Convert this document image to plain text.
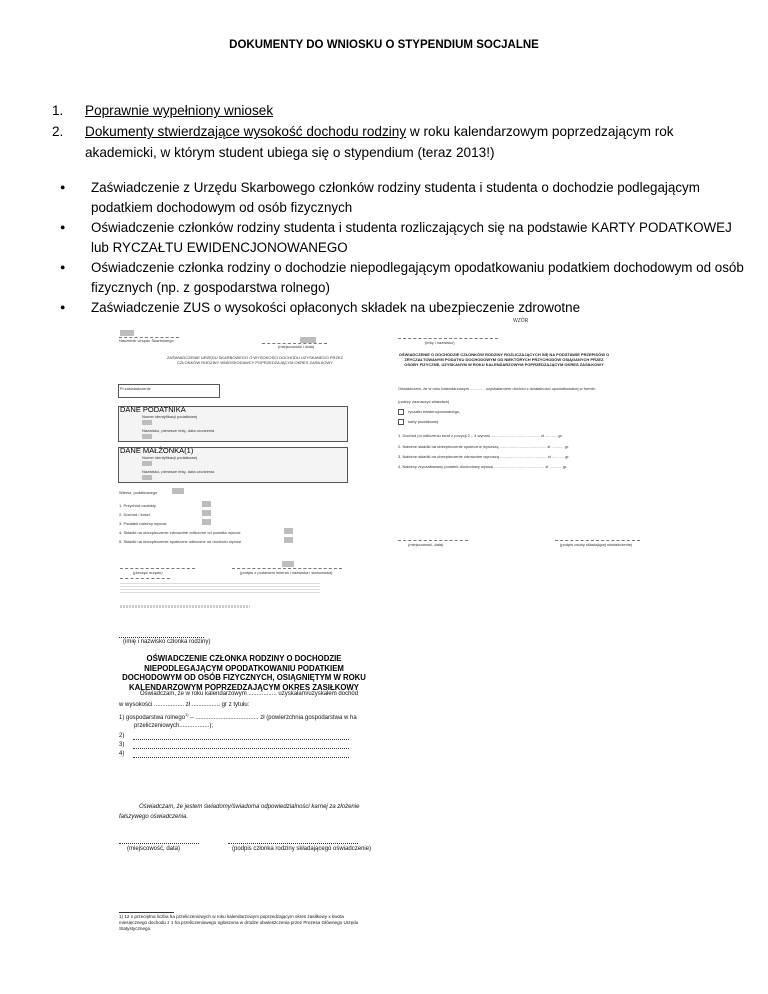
DOKUMENTY DO WNIOSKU O STYPENDIUM SOCJALNE
1.	Poprawnie wypełniony wniosek
2.	Dokumenty stwierdzające wysokość dochodu rodziny w roku kalendarzowym poprzedzającym rok akademicki, w którym student ubiega się o stypendium (teraz 2013!)
●	Zaświadczenie z Urzędu Skarbowego członków rodziny studenta i studenta o dochodzie podlegającym podatkiem dochodowym od osób fizycznych
●	Oświadczenie członków rodziny studenta i studenta rozliczających się na podstawie KARTY PODATKOWEJ lub RYCZAŁTU EWIDENCJONOWANEGO
●	Oświadczenie członka rodziny o dochodzie niepodlegającym opodatkowaniu podatkiem dochodowym od osób fizycznych (np. z gospodarstwa rolnego)
●	Zaświadczenie ZUS o wysokości opłaconych składek na ubezpieczenie zdrowotne
Naczelnik Urzędu Skarbowego
(miejscowość i data)
ZAŚWIADCZENIE URZĘDU SKARBOWEGO O WYSOKOŚCI DOCHODU UZYSKANEGO PRZEZ CZŁONKÓW RODZINY WNIOSKODAWCY POPRZEDZAJĄCYM OKRES ZASIŁKOWY
Pi zaświadczenie
DANE PODATNIKA
Numer identyfikacji podatkowej
Nazwisko, pierwsze imię, data urodzenia
DANE MAŁŻONKA(1)
Numer identyfikacji podatkowej
Nazwisko, pierwsze imię, data urodzenia
Wiersz, podatkowego
1. Przychód osobisty
2. Dochód / koszt
3. Podatek należny wynosi
4. Składki na ubezpieczenie zdrowotne odliczone od podatku wynosi
5. Składki na ubezpieczenie społeczne odliczone od dochodu wynosi
(pieczęć urzędu)	(podpis z podaniem imienia i nazwiska i stanowiska)
WZÓR
(imię i nazwisko)
OŚWIADCZENIE O DOCHODZIE CZŁONKÓW RODZINY ROZLICZAJĄCYCH SIĘ NA PODSTAWIE PRZEPISÓW O ZRYCZAŁTOWANYM PODATKU DOCHODOWYM OD NIEKTÓRYCH PRZYCHODÓW OSIĄGANYCH PRZEZ OSOBY FIZYCZNE, UZYSKANYM W ROKU KALENDARZOWYM POPRZEDZAJĄCYM OKRES ZASIŁKOWY
Oświadczam, że w roku kalendarzowym ............. uzyskałam/em dochód z działalności opodatkowanej w formie:
(należy zaznaczyć właściwe)
ryczałtu ewidencjonowanego,
karty podatkowej.
1. Dochód po odliczeniu kwot z pozycji 2 – 4 wynosi ............................................ zł ........... gr.
2. Należne składki na ubezpieczenie społeczne wynoszą .......................................... zł ........... gr.
3. Należne składki na ubezpieczenie zdrowotne wynoszą .......................................... zł ........... gr.
4. Należny zryczałtowany podatek dochodowy wynosi ............................................. zł ........... gr.
(miejscowość, data)	(podpis osoby składającej oświadczenie)
(imię i nazwisko członka rodziny)
OŚWIADCZENIE CZŁONKA RODZINY O DOCHODZIE NIEPODLEGAJĄCYM OPODATKOWANIU PODATKIEM DOCHODOWYM OD OSÓB FIZYCZNYCH, OSIĄGNIĘTYM W ROKU KALENDARZOWYM POPRZEDZAJĄCYM OKRES ZASIŁKOWY
Oświadczam, że w roku kalendarzowym ................. uzyskałam/uzyskałem dochód
w wysokości .................. zł ................. gr z tytułu:
1) gospodarstwa rolnego$^{1)}$ – ...................................... zł (powierzchnia gospodarstwa w ha
przeliczeniowych..................);
2)
3)
4)
Oświadczam, że jestem świadomy/świadoma odpowiedzialności karnej za złożenie fałszywego oświadczenia.
(miejscowość, data)	(podpis członka rodziny składającego oświadczenie)
1) 12 x przeciętna liczba ha przeliczeniowych w roku kalendarzowym poprzedzającym okres zasiłkowy x kwota miesięcznego dochodu z 1 ha przeliczeniowego ogłoszona w drodze obwieszczenia przez Prezesa Głównego Urzędu Statystycznego.
